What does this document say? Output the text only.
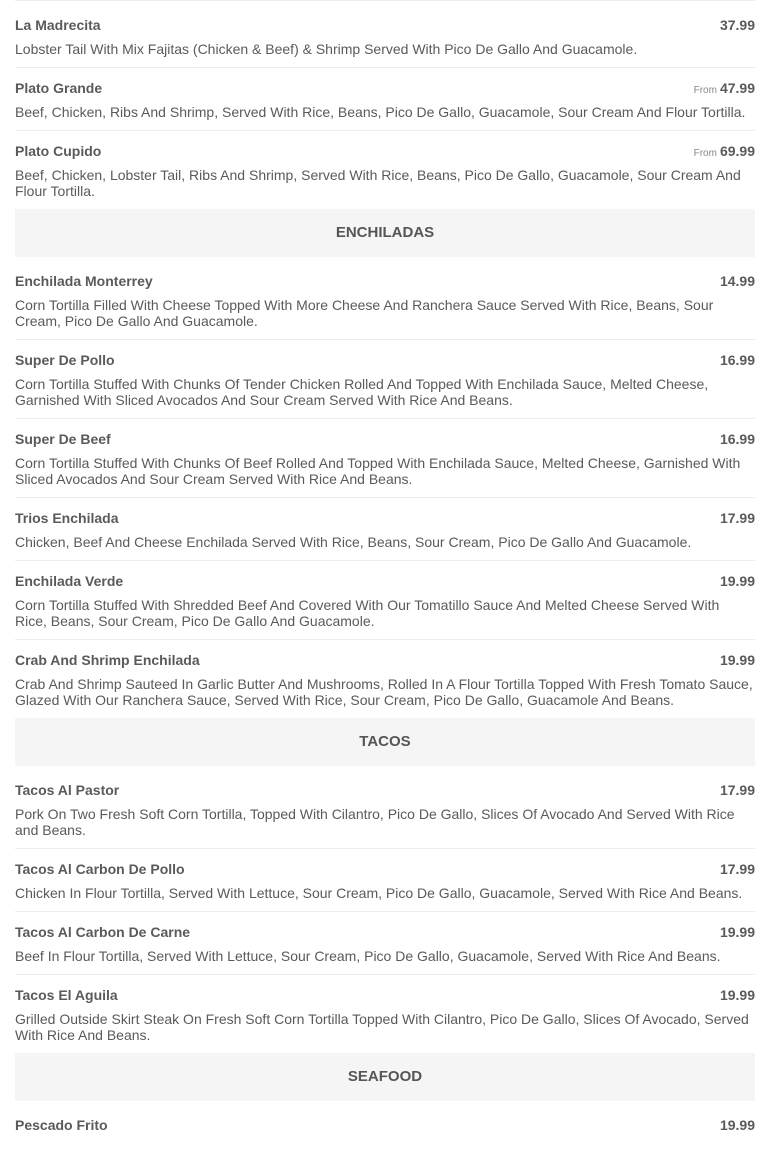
La Madrecita	37.99
Lobster Tail With Mix Fajitas (Chicken & Beef) & Shrimp Served With Pico De Gallo And Guacamole.
Plato Grande	From 47.99
Beef, Chicken, Ribs And Shrimp, Served With Rice, Beans, Pico De Gallo, Guacamole, Sour Cream And Flour Tortilla.
Plato Cupido	From 69.99
Beef, Chicken, Lobster Tail, Ribs And Shrimp, Served With Rice, Beans, Pico De Gallo, Guacamole, Sour Cream And Flour Tortilla.
ENCHILADAS
Enchilada Monterrey	14.99
Corn Tortilla Filled With Cheese Topped With More Cheese And Ranchera Sauce Served With Rice, Beans, Sour Cream, Pico De Gallo And Guacamole.
Super De Pollo	16.99
Corn Tortilla Stuffed With Chunks Of Tender Chicken Rolled And Topped With Enchilada Sauce, Melted Cheese, Garnished With Sliced Avocados And Sour Cream Served With Rice And Beans.
Super De Beef	16.99
Corn Tortilla Stuffed With Chunks Of Beef Rolled And Topped With Enchilada Sauce, Melted Cheese, Garnished With Sliced Avocados And Sour Cream Served With Rice And Beans.
Trios Enchilada	17.99
Chicken, Beef And Cheese Enchilada Served With Rice, Beans, Sour Cream, Pico De Gallo And Guacamole.
Enchilada Verde	19.99
Corn Tortilla Stuffed With Shredded Beef And Covered With Our Tomatillo Sauce And Melted Cheese Served With Rice, Beans, Sour Cream, Pico De Gallo And Guacamole.
Crab And Shrimp Enchilada	19.99
Crab And Shrimp Sauteed In Garlic Butter And Mushrooms, Rolled In A Flour Tortilla Topped With Fresh Tomato Sauce, Glazed With Our Ranchera Sauce, Served With Rice, Sour Cream, Pico De Gallo, Guacamole And Beans.
TACOS
Tacos Al Pastor	17.99
Pork On Two Fresh Soft Corn Tortilla, Topped With Cilantro, Pico De Gallo, Slices Of Avocado And Served With Rice and Beans.
Tacos Al Carbon De Pollo	17.99
Chicken In Flour Tortilla, Served With Lettuce, Sour Cream, Pico De Gallo, Guacamole, Served With Rice And Beans.
Tacos Al Carbon De Carne	19.99
Beef In Flour Tortilla, Served With Lettuce, Sour Cream, Pico De Gallo, Guacamole, Served With Rice And Beans.
Tacos El Aguila	19.99
Grilled Outside Skirt Steak On Fresh Soft Corn Tortilla Topped With Cilantro, Pico De Gallo, Slices Of Avocado, Served With Rice And Beans.
SEAFOOD
Pescado Frito	19.99
